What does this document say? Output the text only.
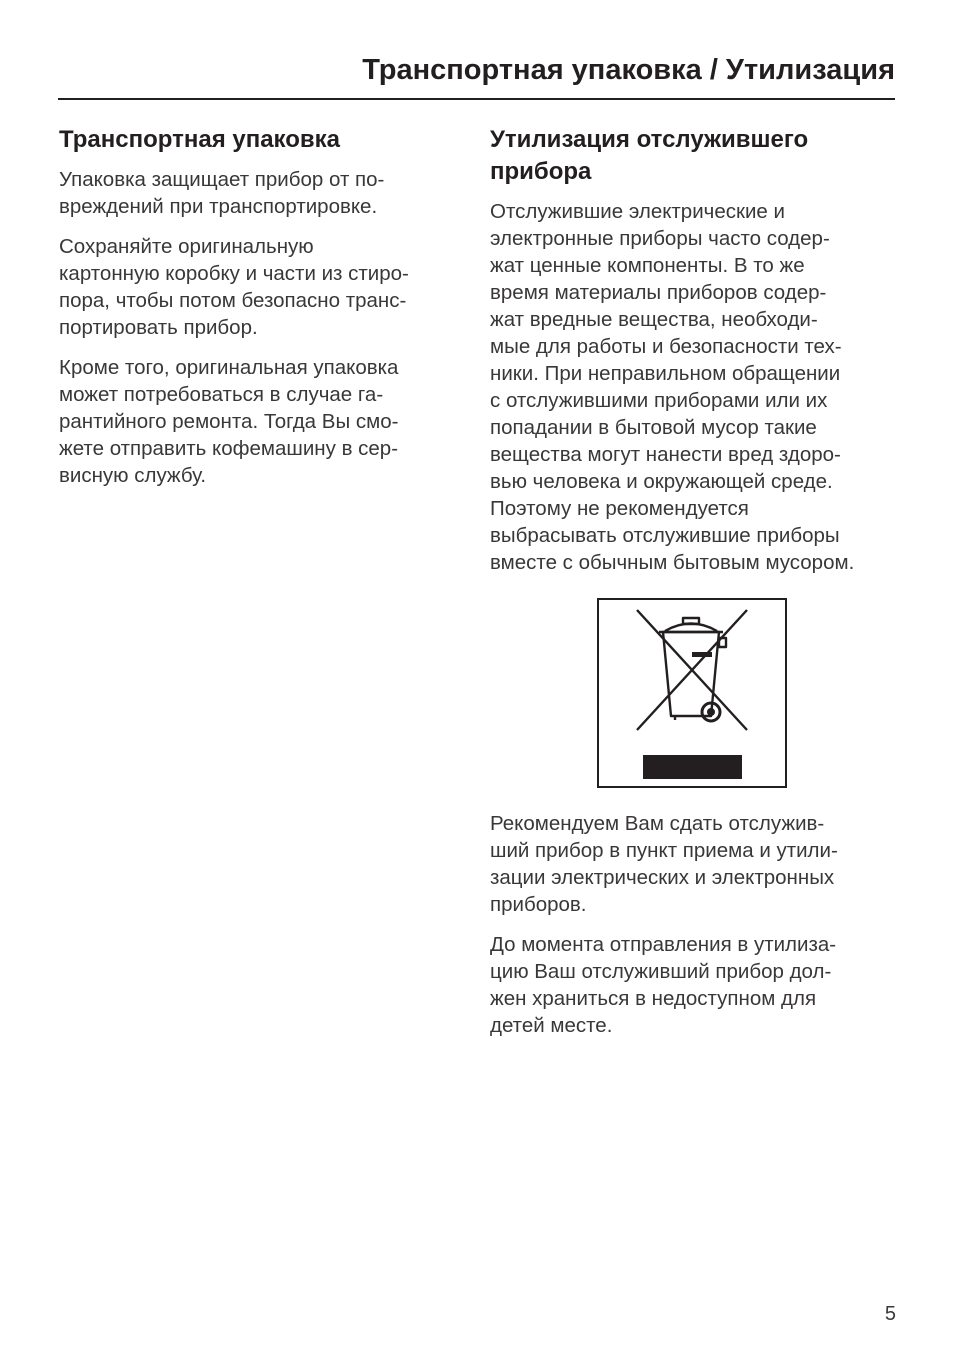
Транспортная упаковка / Утилизация
Транспортная упаковка

Упаковка защищает прибор от по-
вреждений при транспортировке.

Сохраняйте оригинальную
картонную коробку и части из стиро-
пора, чтобы потом безопасно транс-
портировать прибор.

Кроме того, оригинальная упаковка
может потребоваться в случае га-
рантийного ремонта. Тогда Вы смо-
жете отправить кофемашину в сер-
висную службу.

Утилизация отслужившего
прибора

Отслужившие электрические и
электронные приборы часто содер-
жат ценные компоненты. В то же
время материалы приборов содер-
жат вредные вещества, необходи-
мые для работы и безопасности тех-
ники. При неправильном обращении
с отслужившими приборами или их
попадании в бытовой мусор такие
вещества могут нанести вред здоро-
вью человека и окружающей среде.
Поэтому не рекомендуется
выбрасывать отслужившие приборы
вместе с обычным бытовым мусором.

Рекомендуем Вам сдать отслужив-
ший прибор в пункт приема и утили-
зации электрических и электронных
приборов.

До момента отправления в утилиза-
цию Ваш отслуживший прибор дол-
жен храниться в недоступном для
детей месте.

5
